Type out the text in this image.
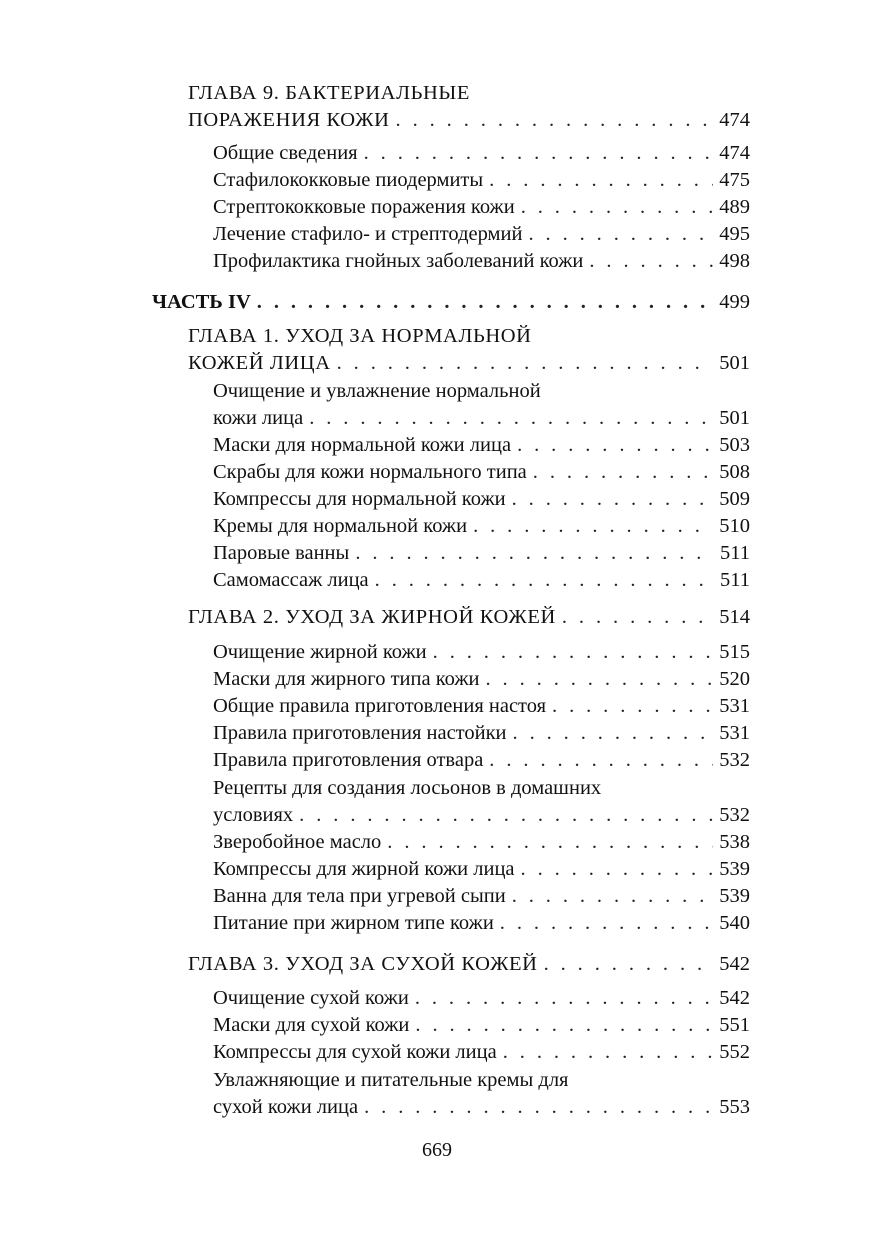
ГЛАВА 9. БАКТЕРИАЛЬНЫЕ
ПОРАЖЕНИЯ КОЖИ . . .	474
Общие сведения . . .	474
Стафилококковые пиодермиты . . .	475
Стрептококковые поражения кожи . . .	489
Лечение стафило- и стрептодермий . . .	495
Профилактика гнойных заболеваний кожи . . .	498
ЧАСТЬ IV . . .	499
ГЛАВА 1. УХОД ЗА НОРМАЛЬНОЙ
КОЖЕЙ ЛИЦА . . .	501
Очищение и увлажнение нормальной
кожи лица . . .	501
Маски для нормальной кожи лица . . .	503
Скрабы для кожи нормального типа . . .	508
Компрессы для нормальной кожи . . .	509
Кремы для нормальной кожи . . .	510
Паровые ванны . . .	511
Самомассаж лица . . .	511
ГЛАВА 2. УХОД ЗА ЖИРНОЙ КОЖЕЙ . . .	514
Очищение жирной кожи . . .	515
Маски для жирного типа кожи . . .	520
Общие правила приготовления настоя . . .	531
Правила приготовления настойки . . .	531
Правила приготовления отвара . . .	532
Рецепты для создания лосьонов в домашних
условиях . . .	532
Зверобойное масло . . .	538
Компрессы для жирной кожи лица . . .	539
Ванна для тела при угревой сыпи . . .	539
Питание при жирном типе кожи . . .	540
ГЛАВА 3. УХОД ЗА СУХОЙ КОЖЕЙ . . .	542
Очищение сухой кожи . . .	542
Маски для сухой кожи . . .	551
Компрессы для сухой кожи лица . . .	552
Увлажняющие и питательные кремы для
сухой кожи лица . . .	553
669
